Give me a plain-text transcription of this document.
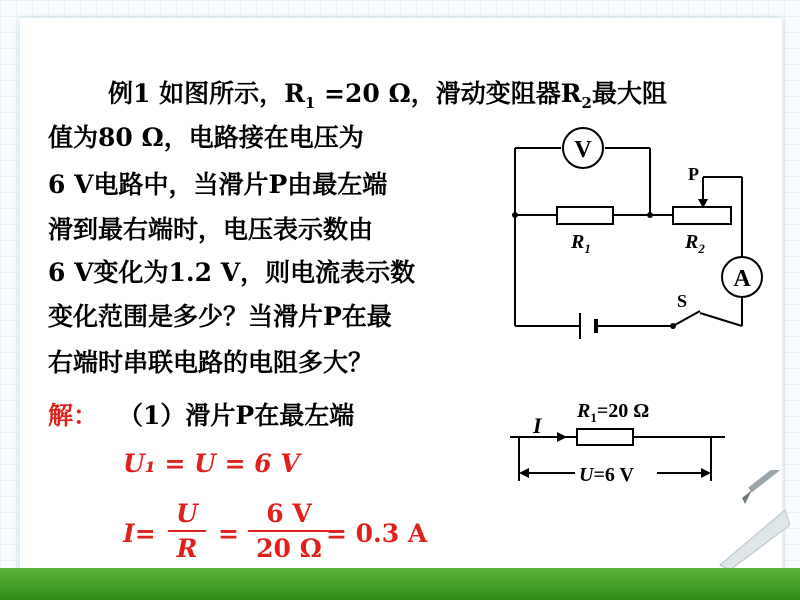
例1 如图所示，$R_1 =20$ Ω，滑动变阻器$R_2$最大阻
值为80 Ω，电路接在电压为
6 V电路中，当滑片P由最左端
滑到最右端时，电压表示数由
6 V变化为1.2 V，则电流表示数
变化范围是多少？当滑片P在最
右端时串联电路的电阻多大？
解： （1）滑片P在最左端
U₁ = U = 6 V
I=
U
R
=
6 V
20 Ω
= 0.3 A
V
$R_1$
P
$R_2$
A
S
I
$R_1=20$ Ω
U=6 V
